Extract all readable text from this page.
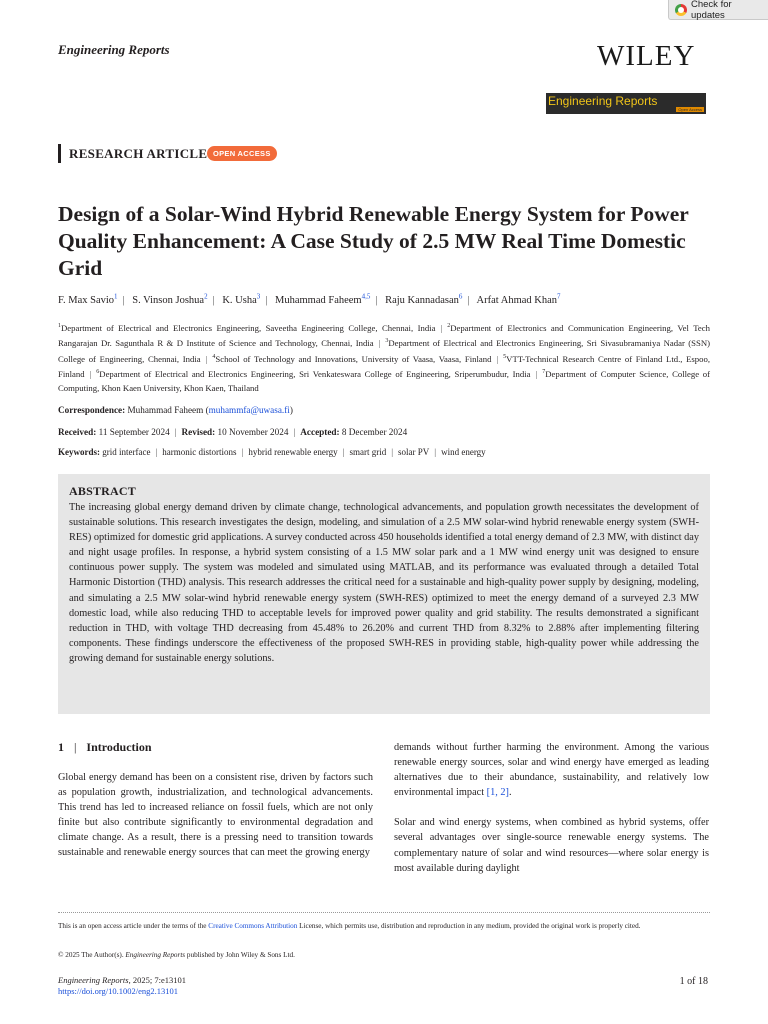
Check for updates
Engineering Reports	WILEY
Engineering Reports
Open Access
RESEARCH ARTICLE OPEN ACCESS
Design of a Solar-Wind Hybrid Renewable Energy System for Power Quality Enhancement: A Case Study of 2.5 MW Real Time Domestic Grid
F. Max Savio$^1$ | S. Vinson Joshua$^2$ | K. Usha$^3$ | Muhammad Faheem$^{4,5}$ | Raju Kannadasan$^6$ | Arfat Ahmad Khan$^7$
$^1$Department of Electrical and Electronics Engineering, Saveetha Engineering College, Chennai, India | $^2$Department of Electronics and Communication Engineering, Vel Tech Rangarajan Dr. Sagunthala R & D Institute of Science and Technology, Chennai, India | $^3$Department of Electrical and Electronics Engineering, Sri Sivasubramaniya Nadar (SSN) College of Engineering, Chennai, India | $^4$School of Technology and Innovations, University of Vaasa, Vaasa, Finland | $^5$VTT-Technical Research Centre of Finland Ltd., Espoo, Finland | $^6$Department of Electrical and Electronics Engineering, Sri Venkateswara College of Engineering, Sriperumbudur, India | $^7$Department of Computer Science, College of Computing, Khon Kaen University, Khon Kaen, Thailand
Correspondence: Muhammad Faheem (muhammfa@uwasa.fi)
Received: 11 September 2024 | Revised: 10 November 2024 | Accepted: 8 December 2024
Keywords: grid interface | harmonic distortions | hybrid renewable energy | smart grid | solar PV | wind energy
ABSTRACT
The increasing global energy demand driven by climate change, technological advancements, and population growth necessitates the development of sustainable solutions. This research investigates the design, modeling, and simulation of a 2.5 MW solar-wind hybrid renewable energy system (SWH-RES) optimized for domestic grid applications. A survey conducted across 450 households identified a total energy demand of 2.3 MW, with distinct day and night usage profiles. In response, a hybrid system consisting of a 1.5 MW solar park and a 1 MW wind energy unit was designed to ensure continuous power supply. The system was modeled and simulated using MATLAB, and its performance was evaluated through a detailed Total Harmonic Distortion (THD) analysis. This research addresses the critical need for a sustainable and high-quality power supply by designing, modeling, and simulating a 2.5 MW solar-wind hybrid renewable energy system (SWH-RES) optimized to meet the energy demand of a surveyed 2.3 MW domestic load, while also reducing THD to acceptable levels for improved power quality and grid stability. The results demonstrated a significant reduction in THD, with voltage THD decreasing from 45.48% to 26.20% and current THD from 8.32% to 2.88% after implementing filtering components. These findings underscore the effectiveness of the proposed SWH-RES in providing stable, high-quality power while addressing the growing demand for sustainable energy solutions.
1 | Introduction

Global energy demand has been on a consistent rise, driven by factors such as population growth, industrialization, and technological advancements. This trend has led to increased reliance on fossil fuels, which are not only finite but also contribute significantly to environmental degradation and climate change. As a result, there is a pressing need to transition towards sustainable and renewable energy sources that can meet the growing energy

demands without further harming the environment. Among the various renewable energy sources, solar and wind energy have emerged as leading alternatives due to their abundance, sustainability, and relatively low environmental impact [1, 2].

Solar and wind energy systems, when combined as hybrid systems, offer several advantages over single-source renewable energy systems. The complementary nature of solar and wind resources—where solar energy is most available during daylight

This is an open access article under the terms of the Creative Commons Attribution License, which permits use, distribution and reproduction in any medium, provided the original work is properly cited.
© 2025 The Author(s). Engineering Reports published by John Wiley & Sons Ltd.
Engineering Reports, 2025; 7:e13101
https://doi.org/10.1002/eng2.13101
1 of 18
